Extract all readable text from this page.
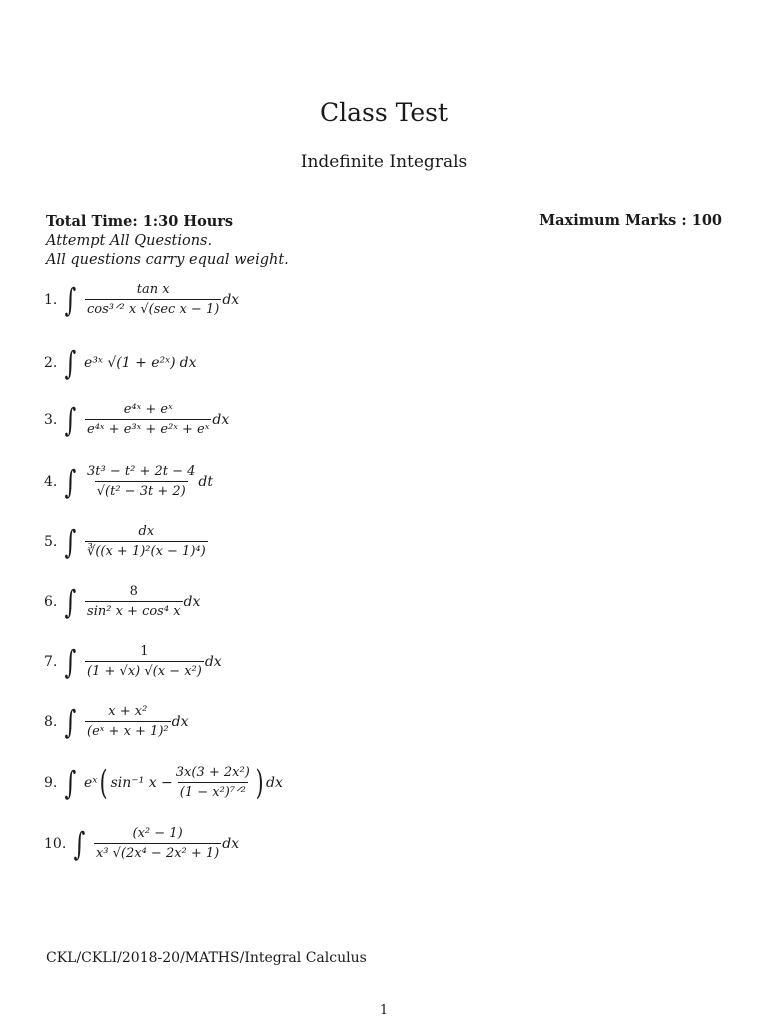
Class Test
Indefinite Integrals
Total Time: 1:30 Hours
Attempt All Questions.
All questions carry equal weight.
Maximum Marks : 100
1. ∫ $\frac{\text{tan x}}{\text{cos³ᐟ² x √(sec x − 1)}}$ dx
2. ∫ e³ˣ √(1 + e²ˣ) dx
3. ∫ $\frac{\text{e⁴ˣ + eˣ}}{\text{e⁴ˣ + e³ˣ + e²ˣ + eˣ}}$ dx
4. ∫ $\frac{\text{3t³ − t² + 2t − 4}}{\text{√(t² − 3t + 2)}}$ dt
5. ∫ $\frac{dx}{\text{∛((x + 1)²(x − 1)⁴)}}$
6. ∫ $\frac{8}{\text{sin² x + cos⁴ x}}$ dx
7. ∫ $\frac{1}{\text{(1 + √x) √(x − x²)}}$ dx
8. ∫ $\frac{\text{x + x²}}{\text{(eˣ + x + 1)²}}$ dx
9. ∫ eˣ ( sin⁻¹ $x - \frac{\text{3x(3 + 2x²)}}{\text{(1 − x²)⁷ᐟ²}}$ ) dx
10. ∫ $\frac{\text{(x² − 1)}}{\text{x³ √(2x⁴ − 2x² + 1)}}$ dx
CKL/CKLI/2018-20/MATHS/Integral Calculus
1
